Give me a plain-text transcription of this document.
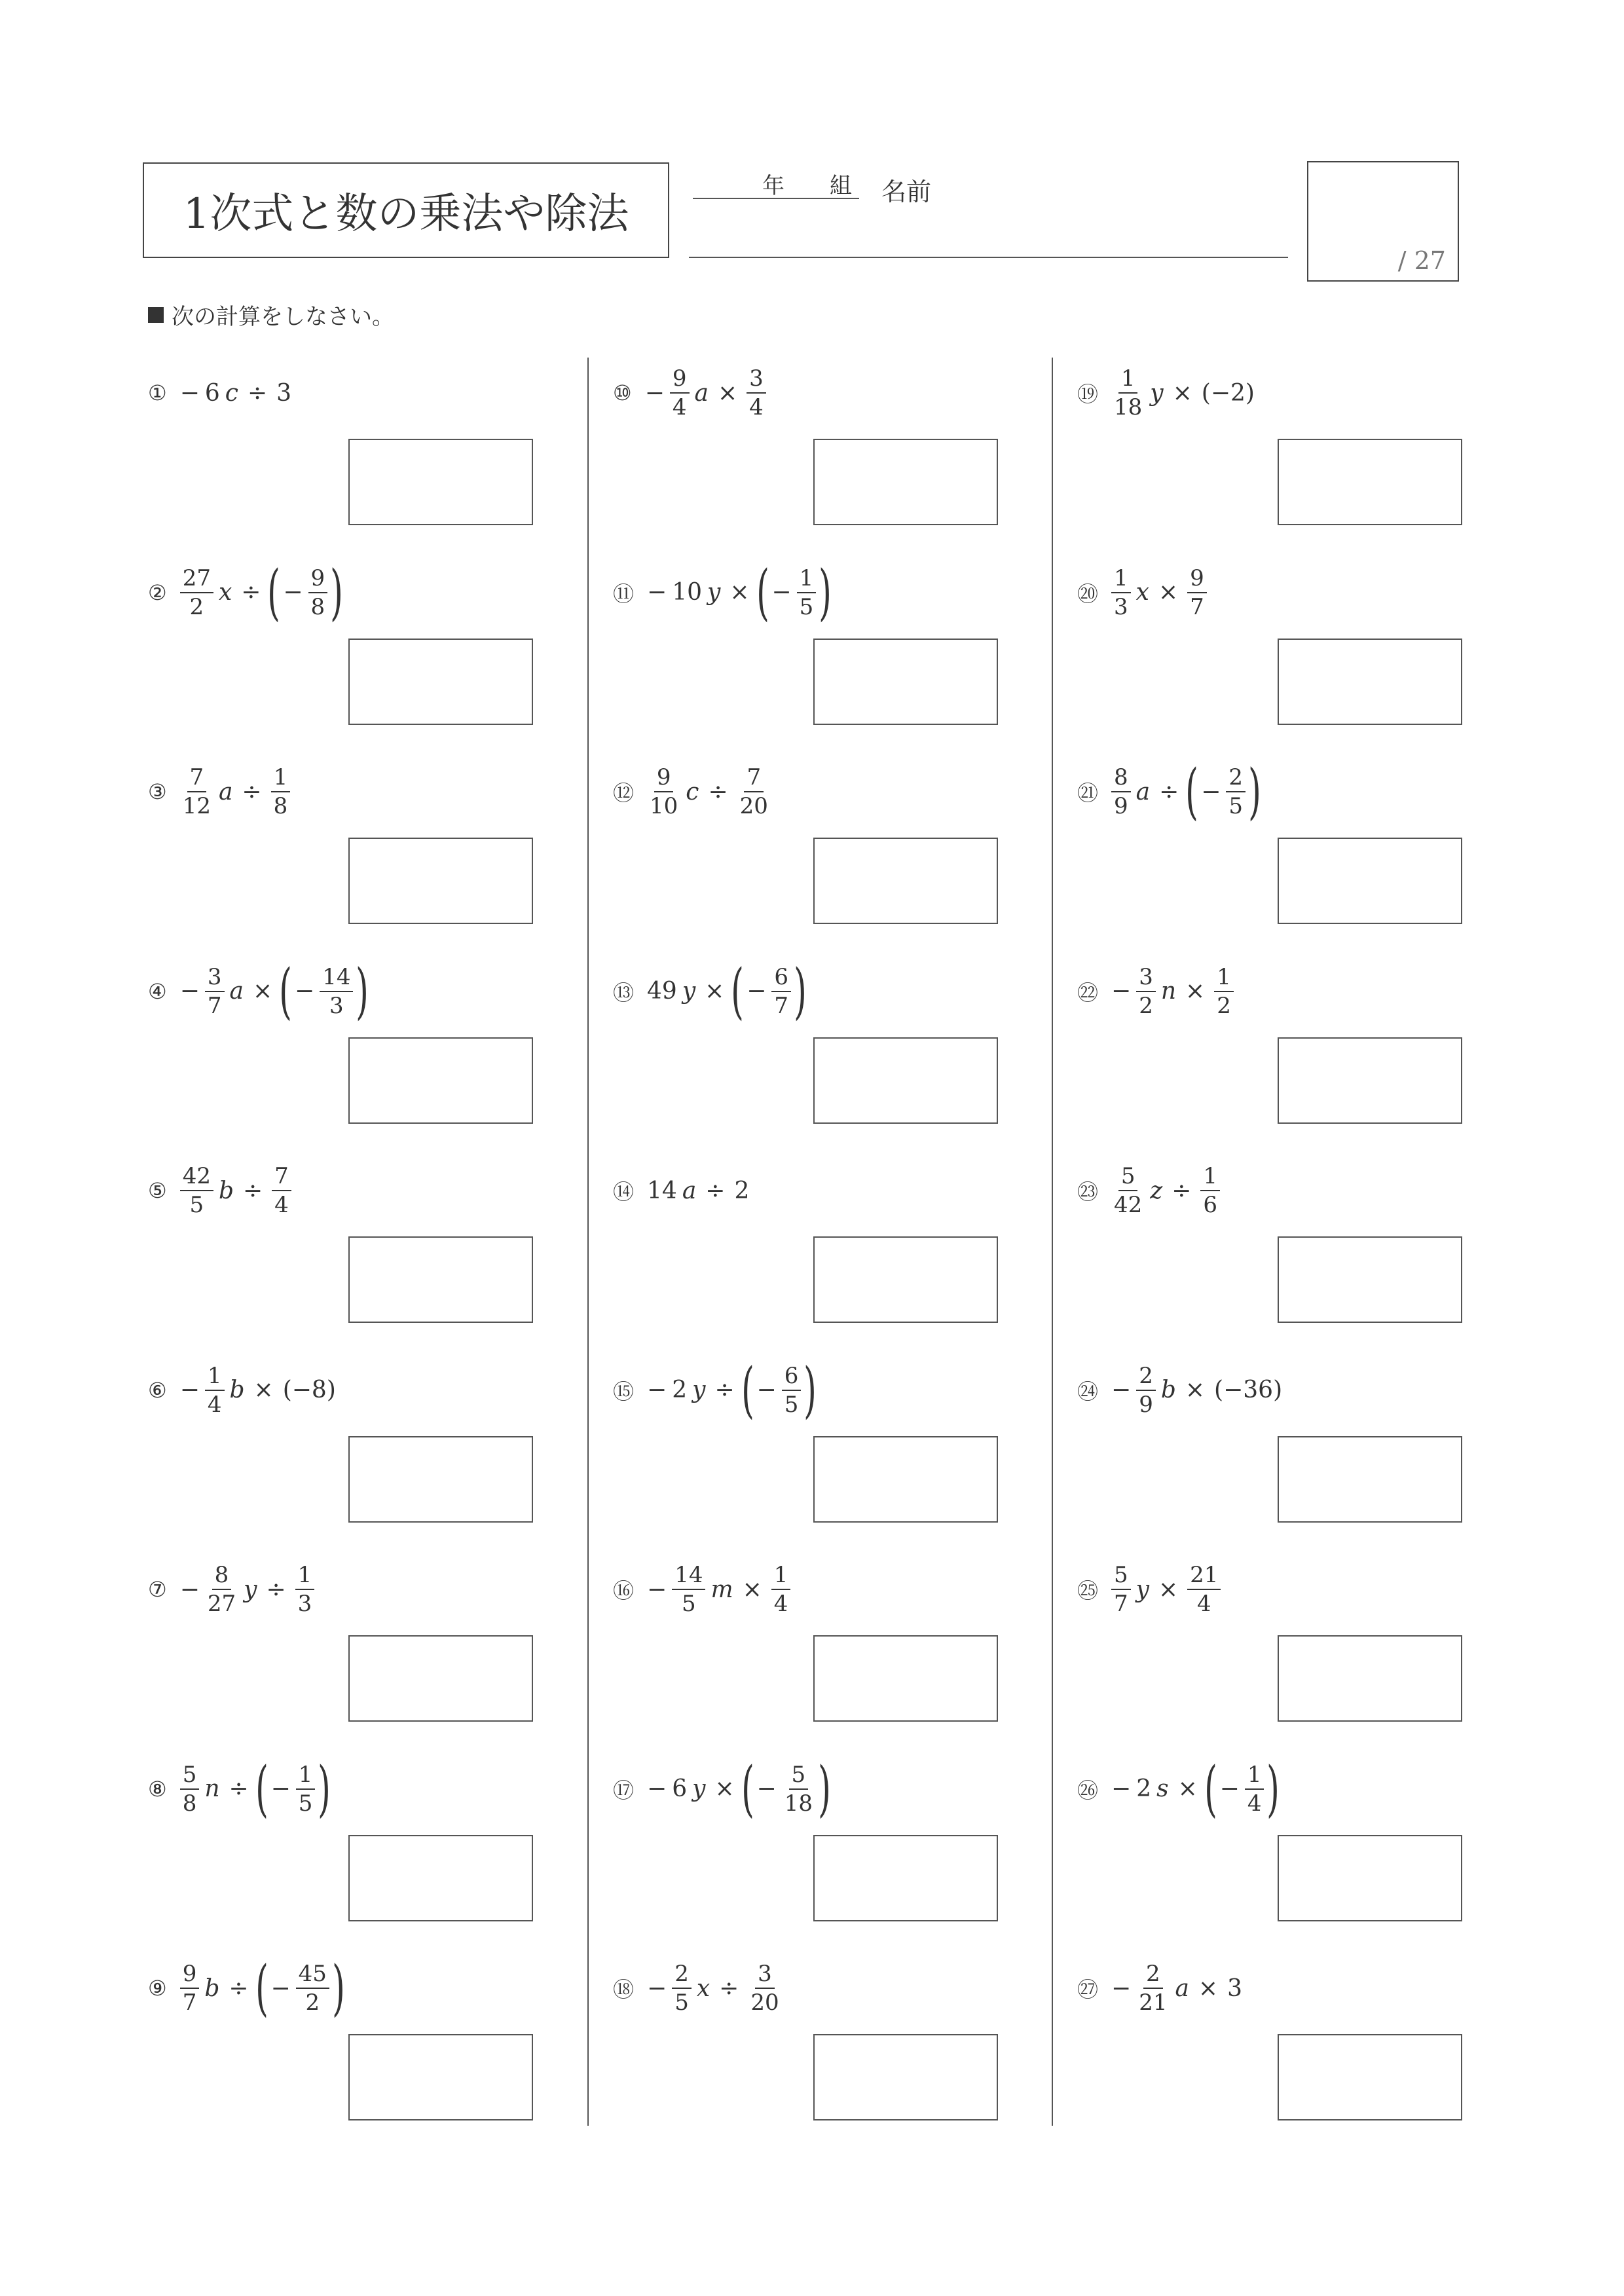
1次式と数の乗法や除法
年 組 名前
/ 27
次の計算をしなさい。
① − 6 c ÷ 3
② $\frac{27}{2}$ x ÷ ( − $\frac{9}{8}$ )
③ $\frac{7}{12}$ $a \div \frac{1}{8}$
④ − $\frac{3}{7}$ a × ( − $\frac{14}{3}$ )
⑤ $\frac{42}{5}$ $b \div \frac{7}{4}$
⑥ − $\frac{1}{4}$ b × (−8)
⑦ − $\frac{8}{27}$ $y \div \frac{1}{3}$
⑧ $\frac{5}{8}$ n ÷ ( − $\frac{1}{5}$ )
⑨ $\frac{9}{7}$ b ÷ ( − $\frac{45}{2}$ )
⑩ − $\frac{9}{4}$ $a \times \frac{3}{4}$
⑪ − 10 y × ( − $\frac{1}{5}$ )
⑫ $\frac{9}{10}$ $c \div \frac{7}{20}$
⑬ 49 y × ( − $\frac{6}{7}$ )
⑭ 14 a ÷ 2
⑮ − 2 y ÷ ( − $\frac{6}{5}$ )
⑯ − $\frac{14}{5}$ $m \times \frac{1}{4}$
⑰ − 6 y × ( − $\frac{5}{18}$ )
⑱ − $\frac{2}{5}$ $x \div \frac{3}{20}$
⑲ $\frac{1}{18}$ y × (−2)
⑳ $\frac{1}{3}$ $x \times \frac{9}{7}$
㉑ $\frac{8}{9}$ a ÷ ( − $\frac{2}{5}$ )
㉒ − $\frac{3}{2}$ $n \times \frac{1}{2}$
㉓ $\frac{5}{42}$ $z \div \frac{1}{6}$
㉔ − $\frac{2}{9}$ b × (−36)
㉕ $\frac{5}{7}$ $y \times \frac{21}{4}$
㉖ − 2 s × ( − $\frac{1}{4}$ )
㉗ − $\frac{2}{21}$ a × 3
